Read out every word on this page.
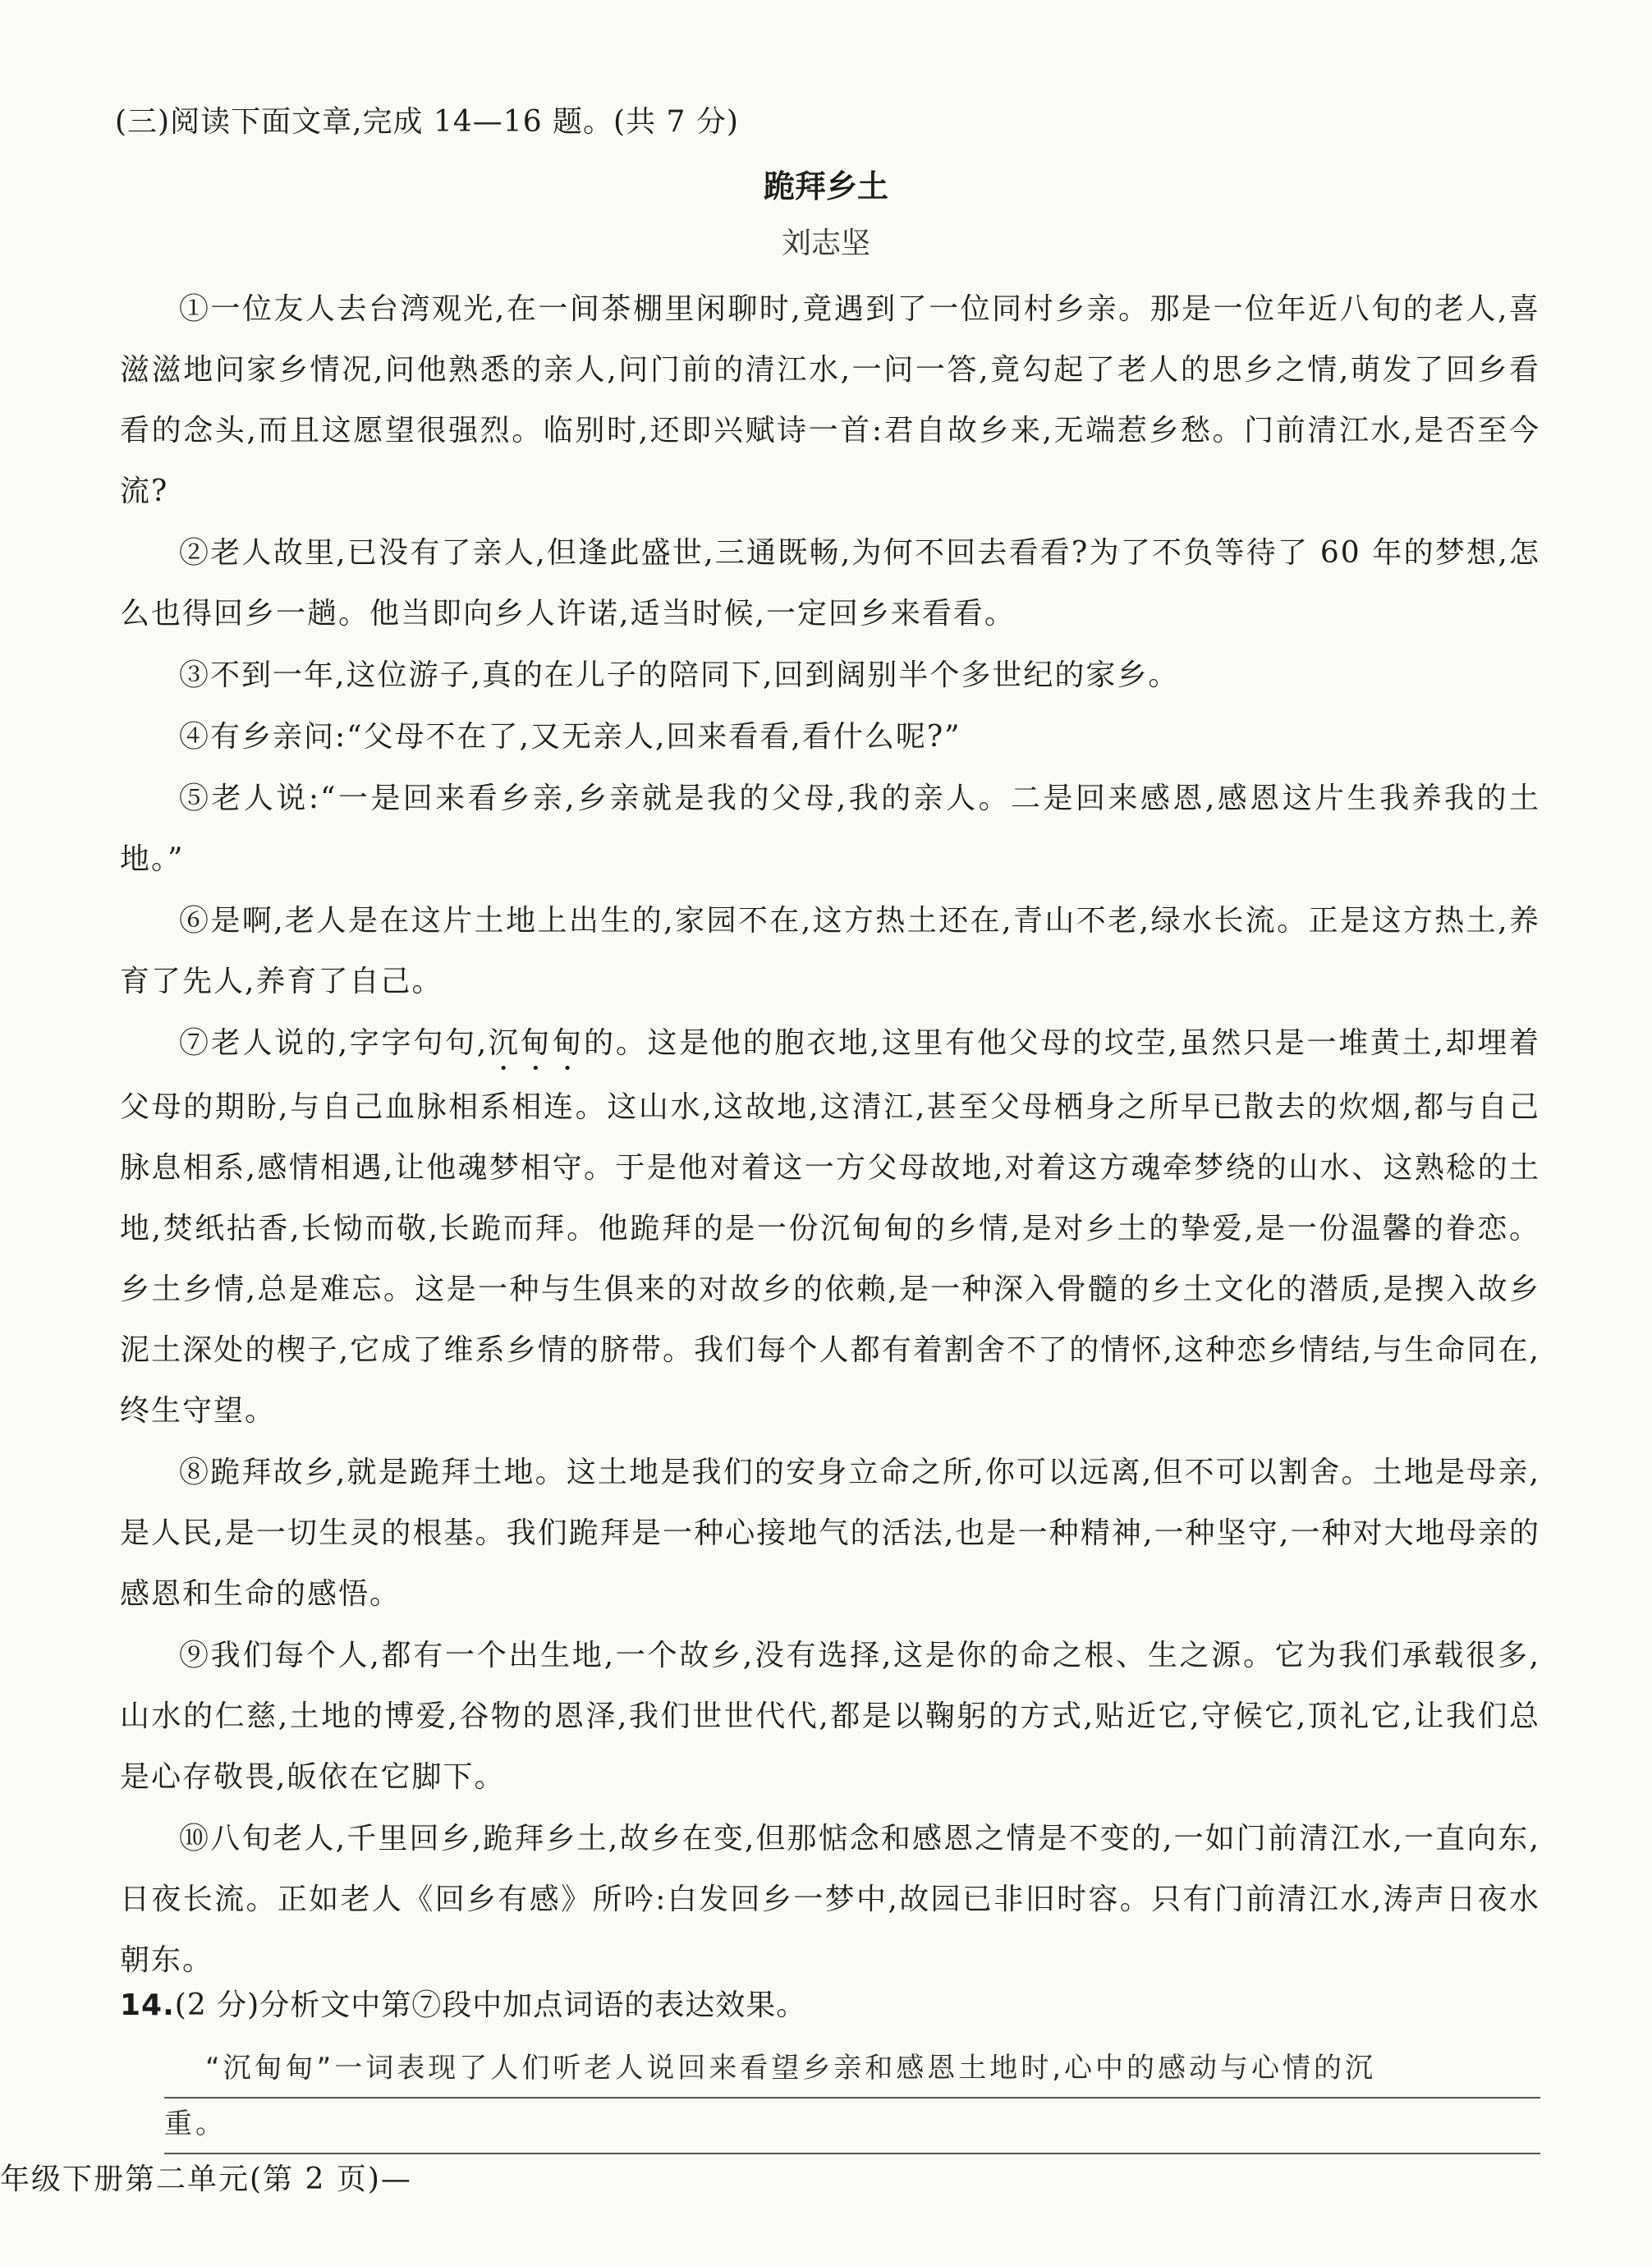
(三)阅读下面文章,完成 14—16 题。(共 7 分)
跪拜乡土
刘志坚

①一位友人去台湾观光,在一间茶棚里闲聊时,竟遇到了一位同村乡亲。那是一位年近八旬的老人,喜滋滋地问家乡情况,问他熟悉的亲人,问门前的清江水,一问一答,竟勾起了老人的思乡之情,萌发了回乡看看的念头,而且这愿望很强烈。临别时,还即兴赋诗一首:君自故乡来,无端惹乡愁。门前清江水,是否至今流?

②老人故里,已没有了亲人,但逢此盛世,三通既畅,为何不回去看看?为了不负等待了 60 年的梦想,怎么也得回乡一趟。他当即向乡人许诺,适当时候,一定回乡来看看。

③不到一年,这位游子,真的在儿子的陪同下,回到阔别半个多世纪的家乡。

④有乡亲问:“父母不在了,又无亲人,回来看看,看什么呢?”

⑤老人说:“一是回来看乡亲,乡亲就是我的父母,我的亲人。二是回来感恩,感恩这片生我养我的土地。”

⑥是啊,老人是在这片土地上出生的,家园不在,这方热土还在,青山不老,绿水长流。正是这方热土,养育了先人,养育了自己。

⑦老人说的,字字句句,沉甸甸的。这是他的胞衣地,这里有他父母的坟茔,虽然只是一堆黄土,却埋着父母的期盼,与自己血脉相系相连。这山水,这故地,这清江,甚至父母栖身之所早已散去的炊烟,都与自己脉息相系,感情相遇,让他魂梦相守。于是他对着这一方父母故地,对着这方魂牵梦绕的山水、这熟稔的土地,焚纸拈香,长恸而敬,长跪而拜。他跪拜的是一份沉甸甸的乡情,是对乡土的挚爱,是一份温馨的眷恋。乡土乡情,总是难忘。这是一种与生俱来的对故乡的依赖,是一种深入骨髓的乡土文化的潜质,是揳入故乡泥土深处的楔子,它成了维系乡情的脐带。我们每个人都有着割舍不了的情怀,这种恋乡情结,与生命同在,终生守望。

⑧跪拜故乡,就是跪拜土地。这土地是我们的安身立命之所,你可以远离,但不可以割舍。土地是母亲,是人民,是一切生灵的根基。我们跪拜是一种心接地气的活法,也是一种精神,一种坚守,一种对大地母亲的感恩和生命的感悟。

⑨我们每个人,都有一个出生地,一个故乡,没有选择,这是你的命之根、生之源。它为我们承载很多,山水的仁慈,土地的博爱,谷物的恩泽,我们世世代代,都是以鞠躬的方式,贴近它,守候它,顶礼它,让我们总是心存敬畏,皈依在它脚下。

⑩八旬老人,千里回乡,跪拜乡土,故乡在变,但那惦念和感恩之情是不变的,一如门前清江水,一直向东,日夜长流。正如老人《回乡有感》所吟:白发回乡一梦中,故园已非旧时容。只有门前清江水,涛声日夜水朝东。

14.(2 分)分析文中第⑦段中加点词语的表达效果。
“沉甸甸”一词表现了人们听老人说回来看望乡亲和感恩土地时,心中的感动与心情的沉
重。
年级下册第二单元(第 2 页)—
